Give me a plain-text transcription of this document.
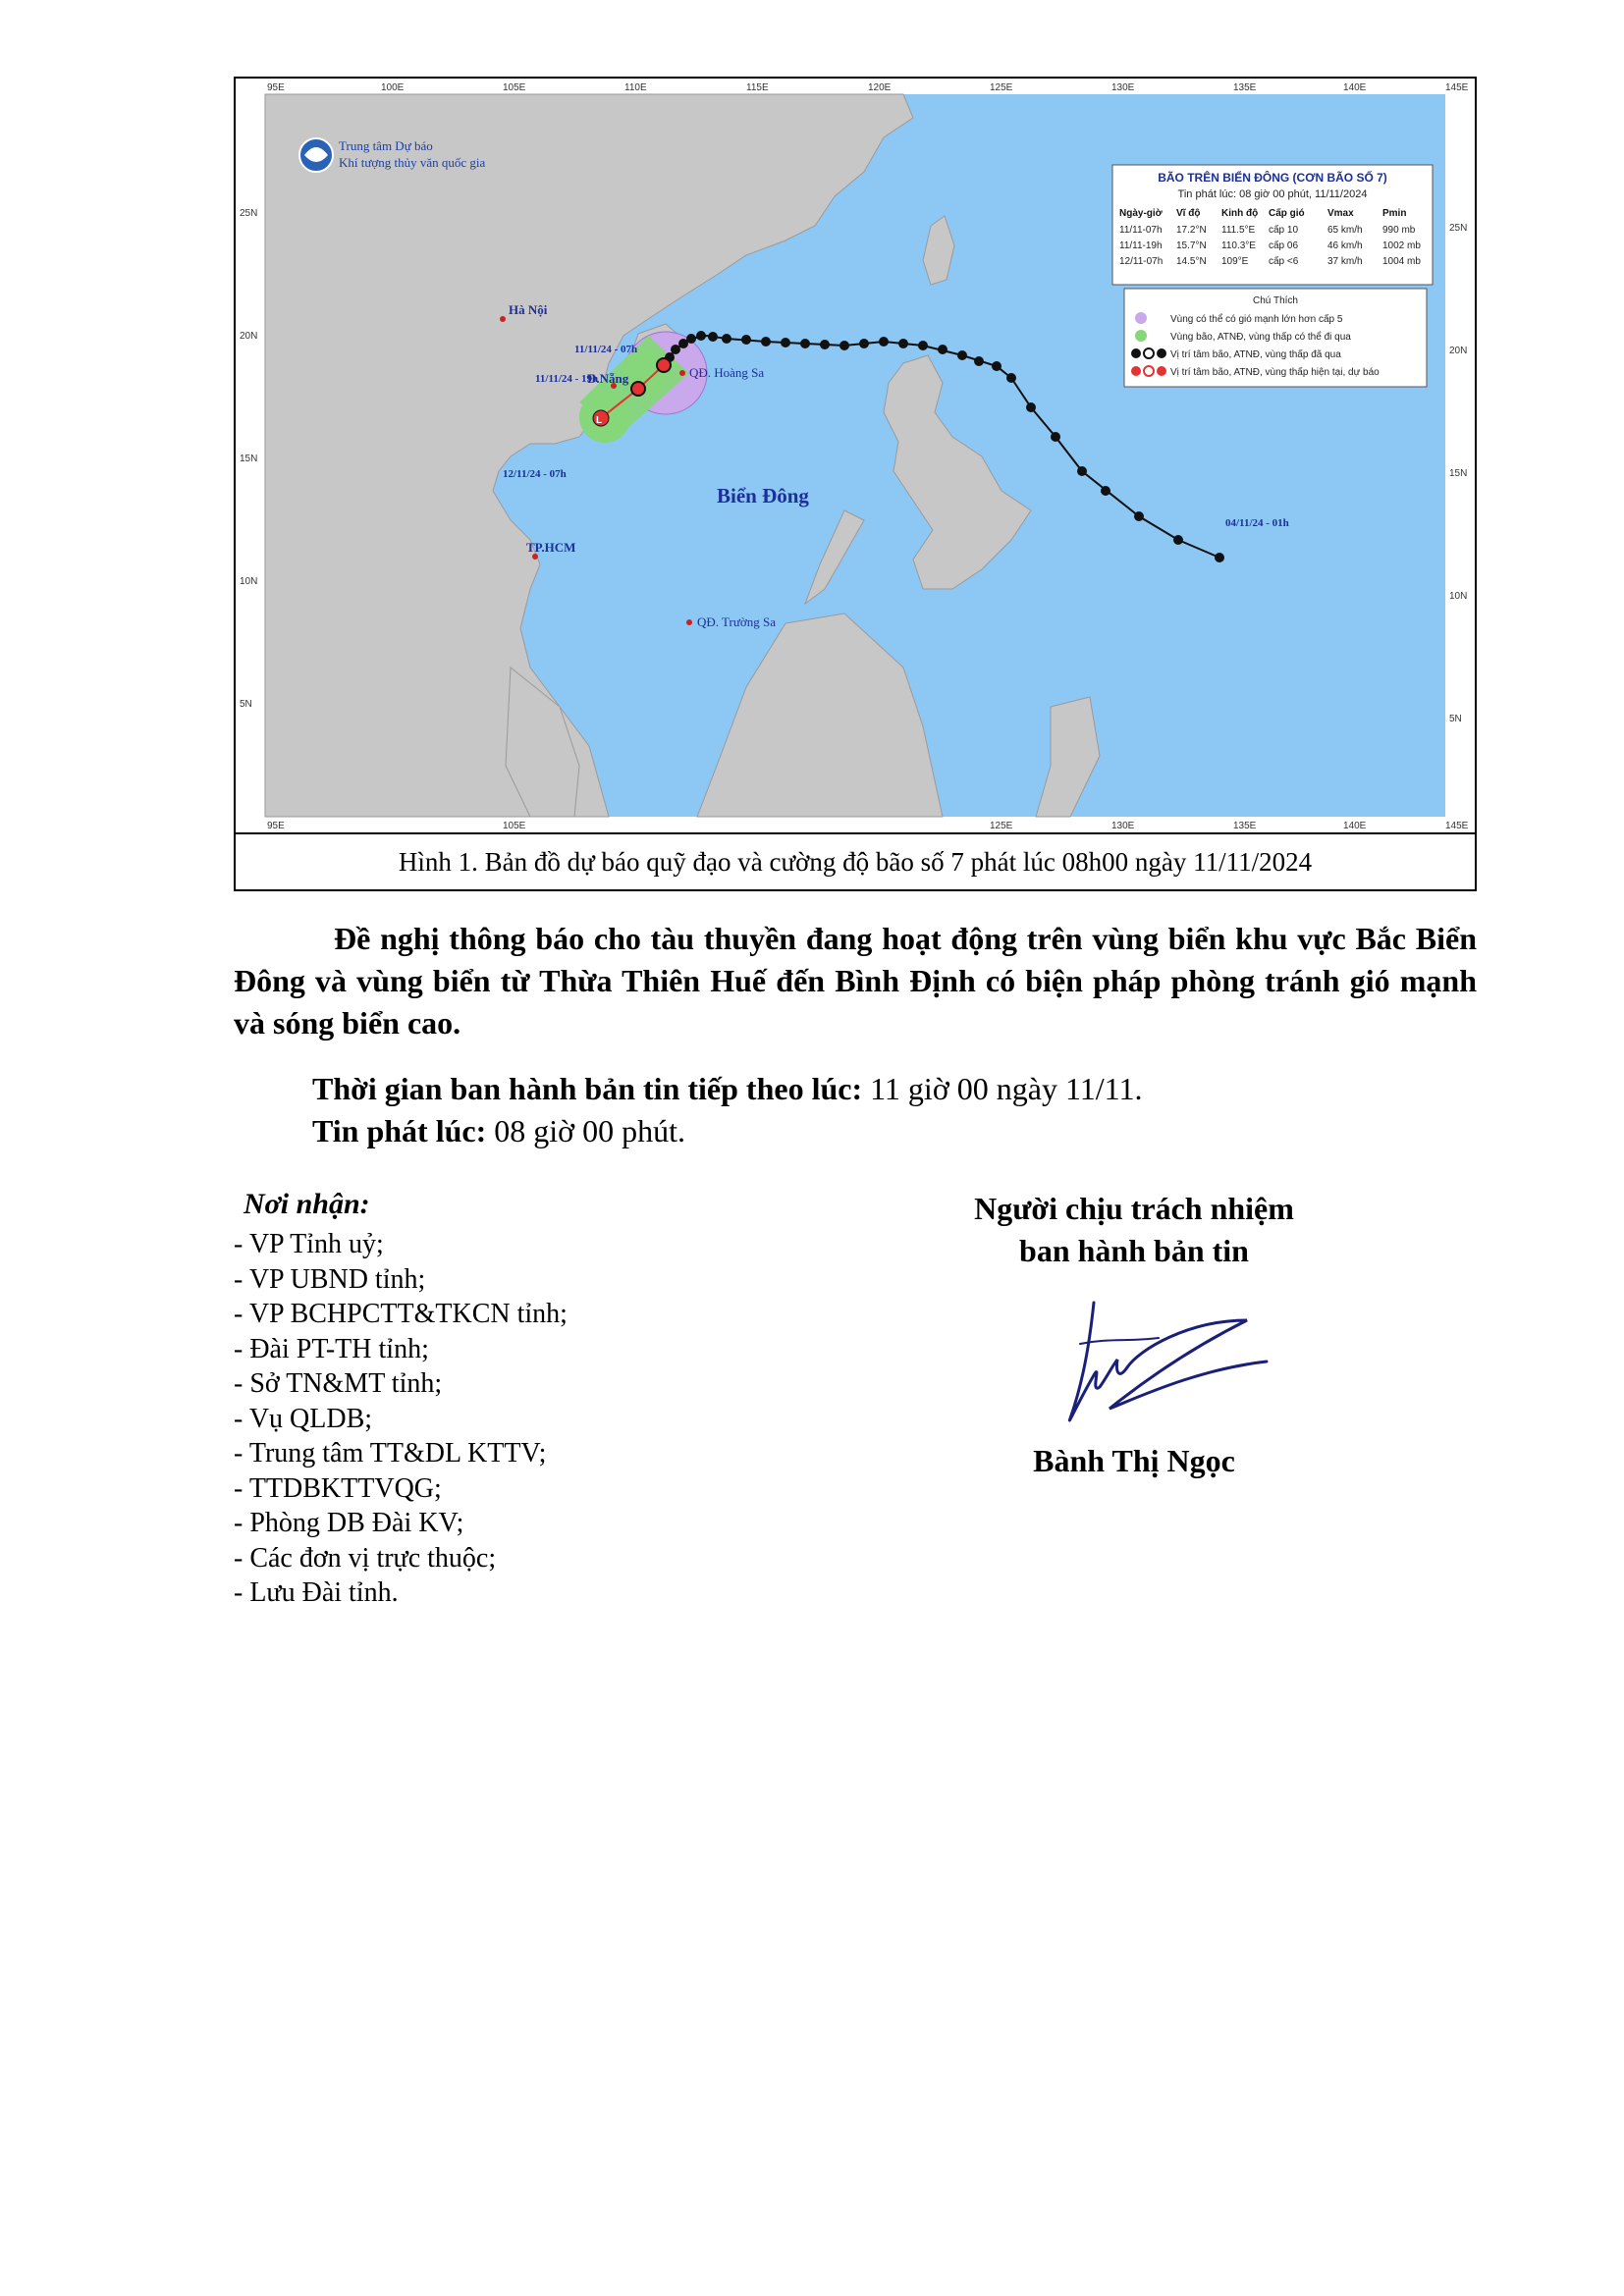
95E	100E	105E	110E	115E	120E	125E	130E	135E	140E	145E
95E	105E	125E	130E	135E	140E	145E
25N
20N
15N
10N
5N
25N
20N
15N
10N
5N
Trung tâm Dự báo
Khí tượng thủy văn quốc gia
L
Hà Nội
Đ.Nẵng
TP.HCM
QĐ. Hoàng Sa
QĐ. Trường Sa
Biển Đông
11/11/24 - 07h
11/11/24 - 19h
12/11/24 - 07h
04/11/24 - 01h
BÃO TRÊN BIỂN ĐÔNG (CƠN BÃO SỐ 7)
Tin phát lúc: 08 giờ 00 phút, 11/11/2024
Ngày-giờ Vĩ độ Kinh độ Cấp gió Vmax	Pmin
11/11-07h 17.2°N 111.5°E cấp 10	65 km/h 990 mb
11/11-19h 15.7°N 110.3°E cấp 06	46 km/h 1002 mb
12/11-07h 14.5°N 109°E cấp <6	37 km/h 1004 mb
Chú Thích
Vùng có thể có gió mạnh lớn hơn cấp 5
Vùng bão, ATNĐ, vùng thấp có thể đi qua
Vị trí tâm bão, ATNĐ, vùng thấp đã qua
Vị trí tâm bão, ATNĐ, vùng thấp hiện tại, dự báo
Hình 1. Bản đồ dự báo quỹ đạo và cường độ bão số 7 phát lúc 08h00 ngày 11/11/2024
Đề nghị thông báo cho tàu thuyền đang hoạt động trên vùng biển khu vực Bắc Biển Đông và vùng biển từ Thừa Thiên Huế đến Bình Định có biện pháp phòng tránh gió mạnh và sóng biển cao.
Thời gian ban hành bản tin tiếp theo lúc: 11 giờ 00 ngày 11/11.
Tin phát lúc: 08 giờ 00 phút.
Nơi nhận:
- VP Tỉnh uỷ;
- VP UBND tỉnh;
- VP BCHPCTT&TKCN tỉnh;
- Đài PT-TH tỉnh;
- Sở TN&MT tỉnh;
- Vụ QLDB;
- Trung tâm TT&DL KTTV;
- TTDBKTTVQG;
- Phòng DB Đài KV;
- Các đơn vị trực thuộc;
- Lưu Đài tỉnh.
Người chịu trách nhiệm
ban hành bản tin
Bành Thị Ngọc
